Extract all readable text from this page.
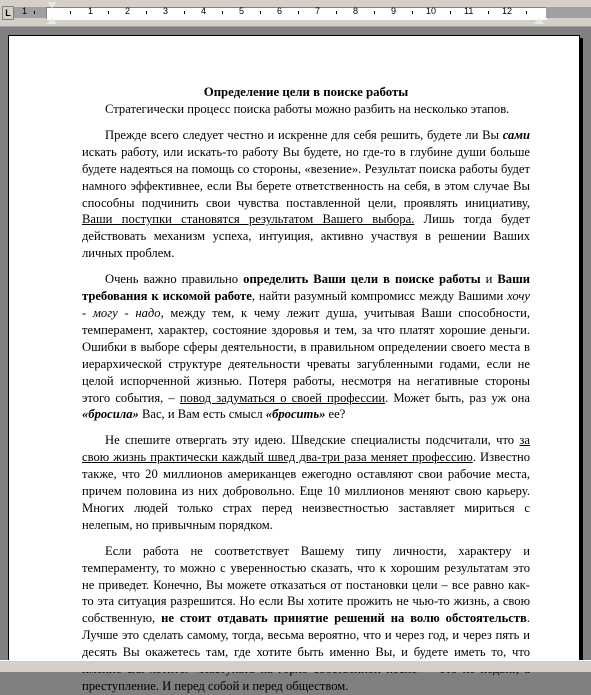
L	1	1	2	3	4	5	6	7	8	9	10	11	12
Определение цели в поиске работы

Стратегически процесс поиска работы можно разбить на несколько этапов.

Прежде всего следует честно и искренне для себя решить, будете ли Вы сами искать работу, или искать-то работу Вы будете, но где-то в глубине души больше будете надеяться на помощь со стороны, «везение». Результат поиска работы будет намного эффективнее, если Вы берете ответственность на себя, в этом случае Вы способны подчинить свои чувства поставленной цели, проявлять инициативу, Ваши поступки становятся результатом Вашего выбора. Лишь тогда будет действовать механизм успеха, интуиция, активно участвуя в решении Ваших личных проблем.

Очень важно правильно определить Ваши цели в поиске работы и Ваши требования к искомой работе, найти разумный компромисс между Вашими хочу - могу - надо, между тем, к чему лежит душа, учитывая Ваши способности, темперамент, характер, состояние здоровья и тем, за что платят хорошие деньги. Ошибки в выборе сферы деятельности, в правильном определении своего места в иерархической структуре деятельности чреваты загубленными годами, если не целой испорченной жизнью. Потеря работы, несмотря на негативные стороны этого события, – повод задуматься о своей профессии. Может быть, раз уж она «бросила» Вас, и Вам есть смысл «бросить» ее?

Не спешите отвергать эту идею. Шведские специалисты подсчитали, что за свою жизнь практически каждый швед два-три раза меняет профессию. Известно также, что 20 миллионов американцев ежегодно оставляют свои рабочие места, причем половина из них добровольно. Еще 10 миллионов меняют свою карьеру. Многих людей только страх перед неизвестностью заставляет мириться с нелепым, но привычным порядком.

Если работа не соответствует Вашему типу личности, характеру и темпераменту, то можно с уверенностью сказать, что к хорошим результатам это не приведет. Конечно, Вы можете отказаться от постановки цели – все равно как-то эта ситуация разрешится. Но если Вы хотите прожить не чью-то жизнь, а свою собственную, не стоит отдавать принятие решений на волю обстоятельств. Лучше это сделать самому, тогда, весьма вероятно, что и через год, и через пять и десять Вы окажетесь там, где хотите быть именно Вы, и будете иметь то, что преступление. И перед собой и перед обществом.
